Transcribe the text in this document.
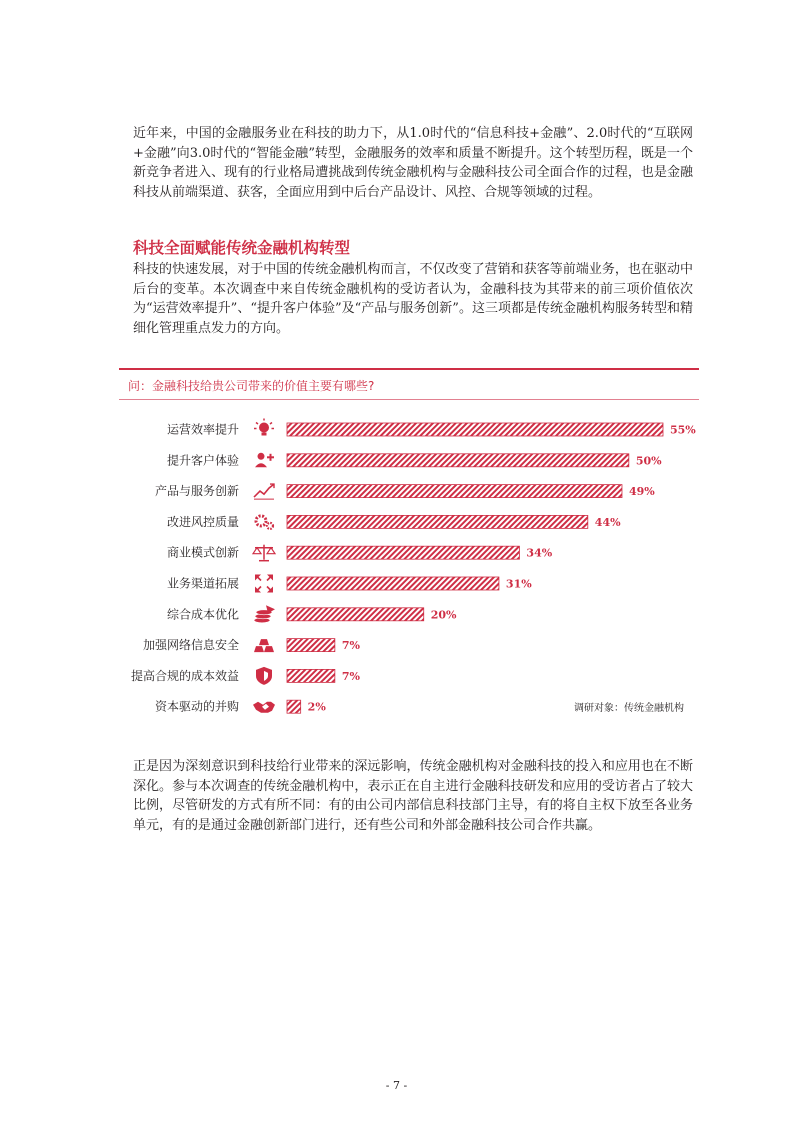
近年来，中国的金融服务业在科技的助力下，从1.0时代的“信息科技+金融”、2.0时代的“互联网+金融”向3.0时代的“智能金融”转型，金融服务的效率和质量不断提升。这个转型历程，既是一个新竞争者进入、现有的行业格局遭挑战到传统金融机构与金融科技公司全面合作的过程，也是金融科技从前端渠道、获客，全面应用到中后台产品设计、风控、合规等领域的过程。

科技全面赋能传统金融机构转型

科技的快速发展，对于中国的传统金融机构而言，不仅改变了营销和获客等前端业务，也在驱动中后台的变革。本次调查中来自传统金融机构的受访者认为，金融科技为其带来的前三项价值依次为“运营效率提升”、“提升客户体验”及“产品与服务创新”。这三项都是传统金融机构服务转型和精细化管理重点发力的方向。

问：金融科技给贵公司带来的价值主要有哪些?
运营效率提升	55%
提升客户体验	50%
产品与服务创新	49%
改进风控质量	44%
商业模式创新	34%
业务渠道拓展	31%
综合成本优化	20%
加强网络信息安全	7%
提高合规的成本效益	7%
资本驱动的并购	2%	调研对象：传统金融机构

正是因为深刻意识到科技给行业带来的深远影响，传统金融机构对金融科技的投入和应用也在不断深化。参与本次调查的传统金融机构中，表示正在自主进行金融科技研发和应用的受访者占了较大比例，尽管研发的方式有所不同：有的由公司内部信息科技部门主导，有的将自主权下放至各业务单元，有的是通过金融创新部门进行，还有些公司和外部金融科技公司合作共赢。

- 7 -
